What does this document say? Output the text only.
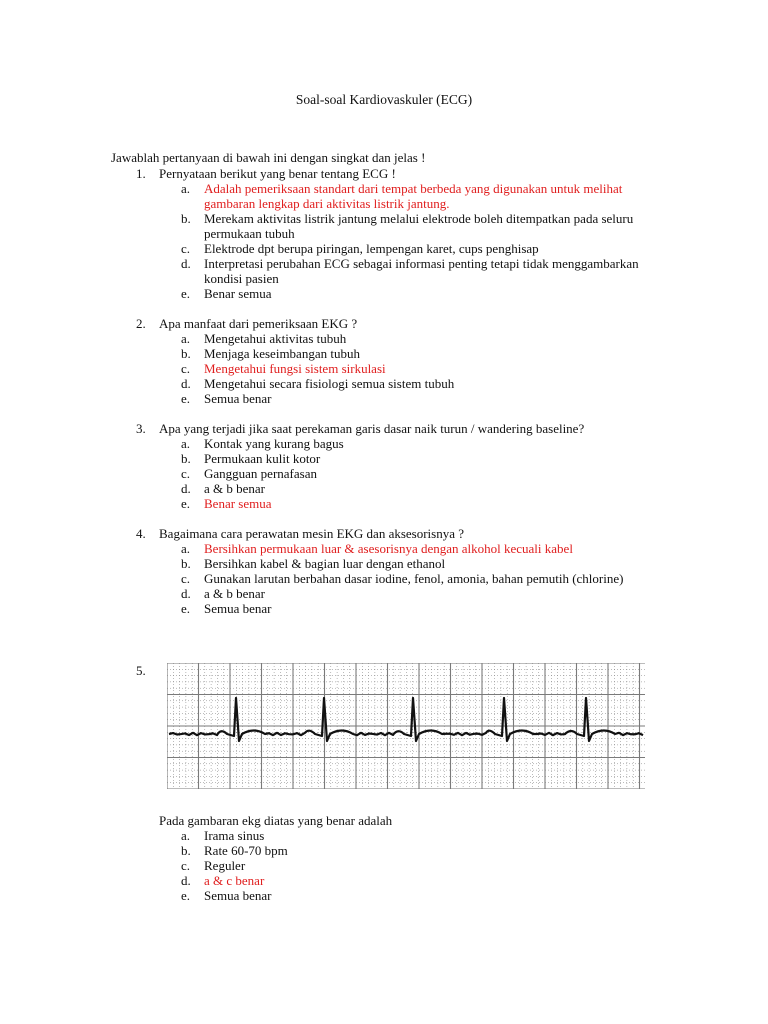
Soal-soal Kardiovaskuler (ECG)
Jawablah pertanyaan di bawah ini dengan singkat dan jelas !
1. Pernyataan berikut yang benar tentang ECG !
a. Adalah pemeriksaan standart dari tempat berbeda yang digunakan untuk melihat gambaran lengkap dari aktivitas listrik jantung.
b. Merekam aktivitas listrik jantung melalui elektrode boleh ditempatkan pada seluru permukaan tubuh
c. Elektrode dpt berupa piringan, lempengan karet, cups penghisap
d. Interpretasi perubahan ECG sebagai informasi penting tetapi tidak menggambarkan kondisi pasien
e. Benar semua
2. Apa manfaat dari pemeriksaan EKG ?
a. Mengetahui aktivitas tubuh
b. Menjaga keseimbangan tubuh
c. Mengetahui fungsi sistem sirkulasi
d. Mengetahui secara fisiologi semua sistem tubuh
e. Semua benar
3. Apa yang terjadi jika saat perekaman garis dasar naik turun / wandering baseline?
a. Kontak yang kurang bagus
b. Permukaan kulit kotor
c. Gangguan pernafasan
d. a & b benar
e. Benar semua
4. Bagaimana cara perawatan mesin EKG dan aksesorisnya ?
a. Bersihkan permukaan luar & asesorisnya dengan alkohol kecuali kabel
b. Bersihkan kabel & bagian luar dengan ethanol
c. Gunakan larutan berbahan dasar iodine, fenol, amonia, bahan pemutih (chlorine)
d. a & b benar
e. Semua benar
5.
Pada gambaran ekg diatas yang benar adalah
a. Irama sinus
b. Rate 60-70 bpm
c. Reguler
d. a & c benar
e. Semua benar
